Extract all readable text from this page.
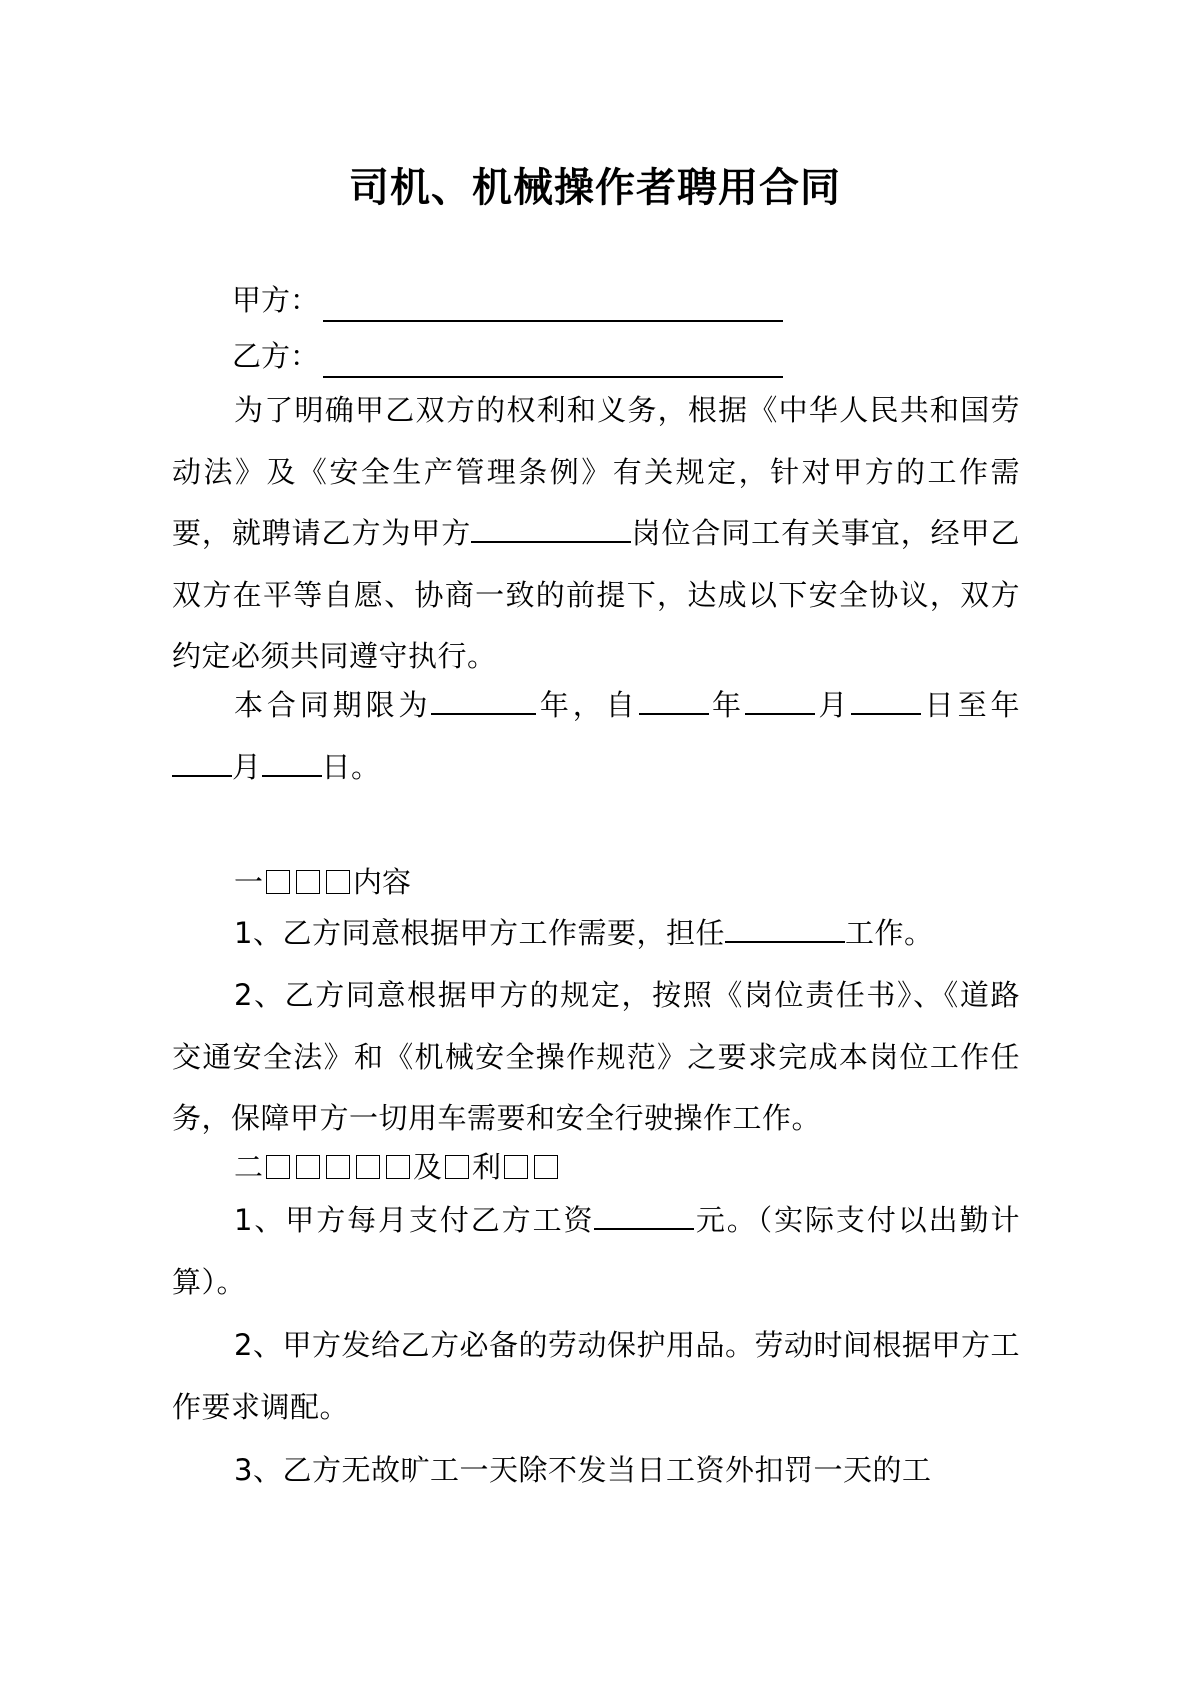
司机、机械操作者聘用合同
甲方：
乙方：
为了明确甲乙双方的权利和义务，根据《中华人民共和国劳动法》及《安全生产管理条例》有关规定，针对甲方的工作需要，就聘请乙方为甲方	岗位合同工有关事宜，经甲乙双方在平等自愿、协商一致的前提下，达成以下安全协议，双方约定必须共同遵守执行。
本合同期限为	年，自 年 月 日至年月 日。
一	内容
1、乙方同意根据甲方工作需要，担任	工作。
2、乙方同意根据甲方的规定，按照《岗位责任书》、《道路交通安全法》和《机械安全操作规范》之要求完成本岗位工作任务，保障甲方一切用车需要和安全行驶操作工作。
二	及 利
1、甲方每月支付乙方工资	元。（实际支付以出勤计算）。
2、甲方发给乙方必备的劳动保护用品。劳动时间根据甲方工作要求调配。
3、乙方无故旷工一天除不发当日工资外扣罚一天的工
